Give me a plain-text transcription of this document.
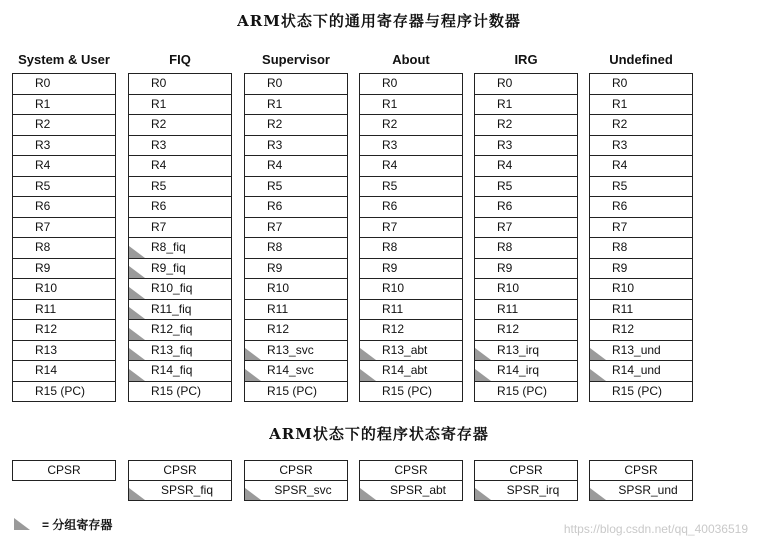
ARM状态下的通用寄存器与程序计数器
System & User
R0
R1
R2
R3
R4
R5
R6
R7
R8
R9
R10
R11
R12
R13
R14
R15 (PC)
FIQ
R0
R1
R2
R3
R4
R5
R6
R7
R8_fiq
R9_fiq
R10_fiq
R11_fiq
R12_fiq
R13_fiq
R14_fiq
R15 (PC)
Supervisor
R0
R1
R2
R3
R4
R5
R6
R7
R8
R9
R10
R11
R12
R13_svc
R14_svc
R15 (PC)
About
R0
R1
R2
R3
R4
R5
R6
R7
R8
R9
R10
R11
R12
R13_abt
R14_abt
R15 (PC)
IRG
R0
R1
R2
R3
R4
R5
R6
R7
R8
R9
R10
R11
R12
R13_irq
R14_irq
R15 (PC)
Undefined
R0
R1
R2
R3
R4
R5
R6
R7
R8
R9
R10
R11
R12
R13_und
R14_und
R15 (PC)
ARM状态下的程序状态寄存器
CPSR	CPSR
SPSR_fiq
CPSR
SPSR_svc
CPSR
SPSR_abt
CPSR
SPSR_irq
CPSR
SPSR_und
= 分组寄存器	https://blog.csdn.net/qq_40036519
